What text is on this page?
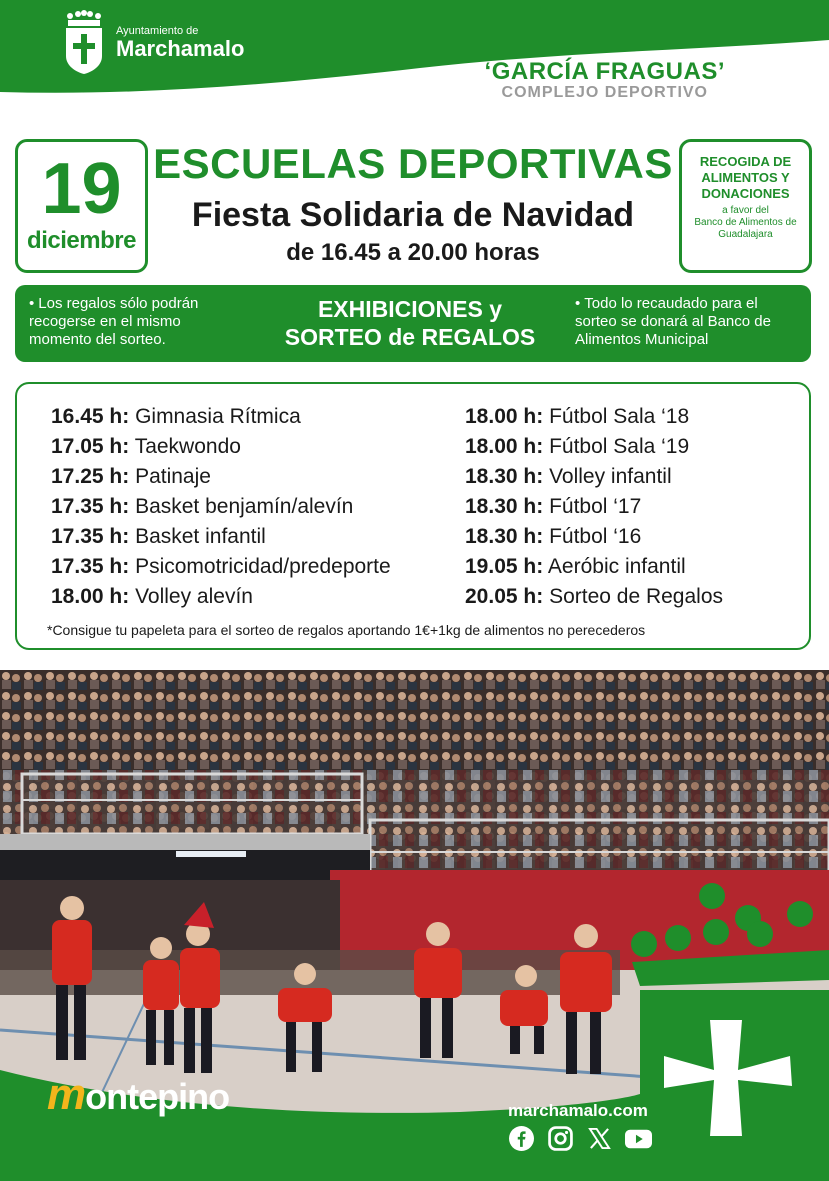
Ayuntamiento de
Marchamalo
‘GARCÍA FRAGUAS’
COMPLEJO DEPORTIVO
19
diciembre
ESCUELAS DEPORTIVAS
Fiesta Solidaria de Navidad
de 16.45 a 20.00 horas
RECOGIDA DE
ALIMENTOS Y
DONACIONES
a favor del
Banco de Alimentos de
Guadalajara
• Los regalos sólo podrán recogerse en el mismo momento del sorteo.
EXHIBICIONES y
SORTEO de REGALOS
• Todo lo recaudado para el sorteo se donará al Banco de Alimentos Municipal
16.45 h: Gimnasia Rítmica
17.05 h: Taekwondo
17.25 h: Patinaje
17.35 h: Basket benjamín/alevín
17.35 h: Basket infantil
17.35 h: Psicomotricidad/predeporte
18.00 h: Volley alevín
18.00 h: Fútbol Sala ‘18
18.00 h: Fútbol Sala ‘19
18.30 h: Volley infantil
18.30 h: Fútbol ‘17
18.30 h: Fútbol ‘16
19.05 h: Aeróbic infantil
20.05 h: Sorteo de Regalos
*Consigue tu papeleta para el sorteo de regalos aportando 1€+1kg de alimentos no perecederos
montepino	marchamalo.com
